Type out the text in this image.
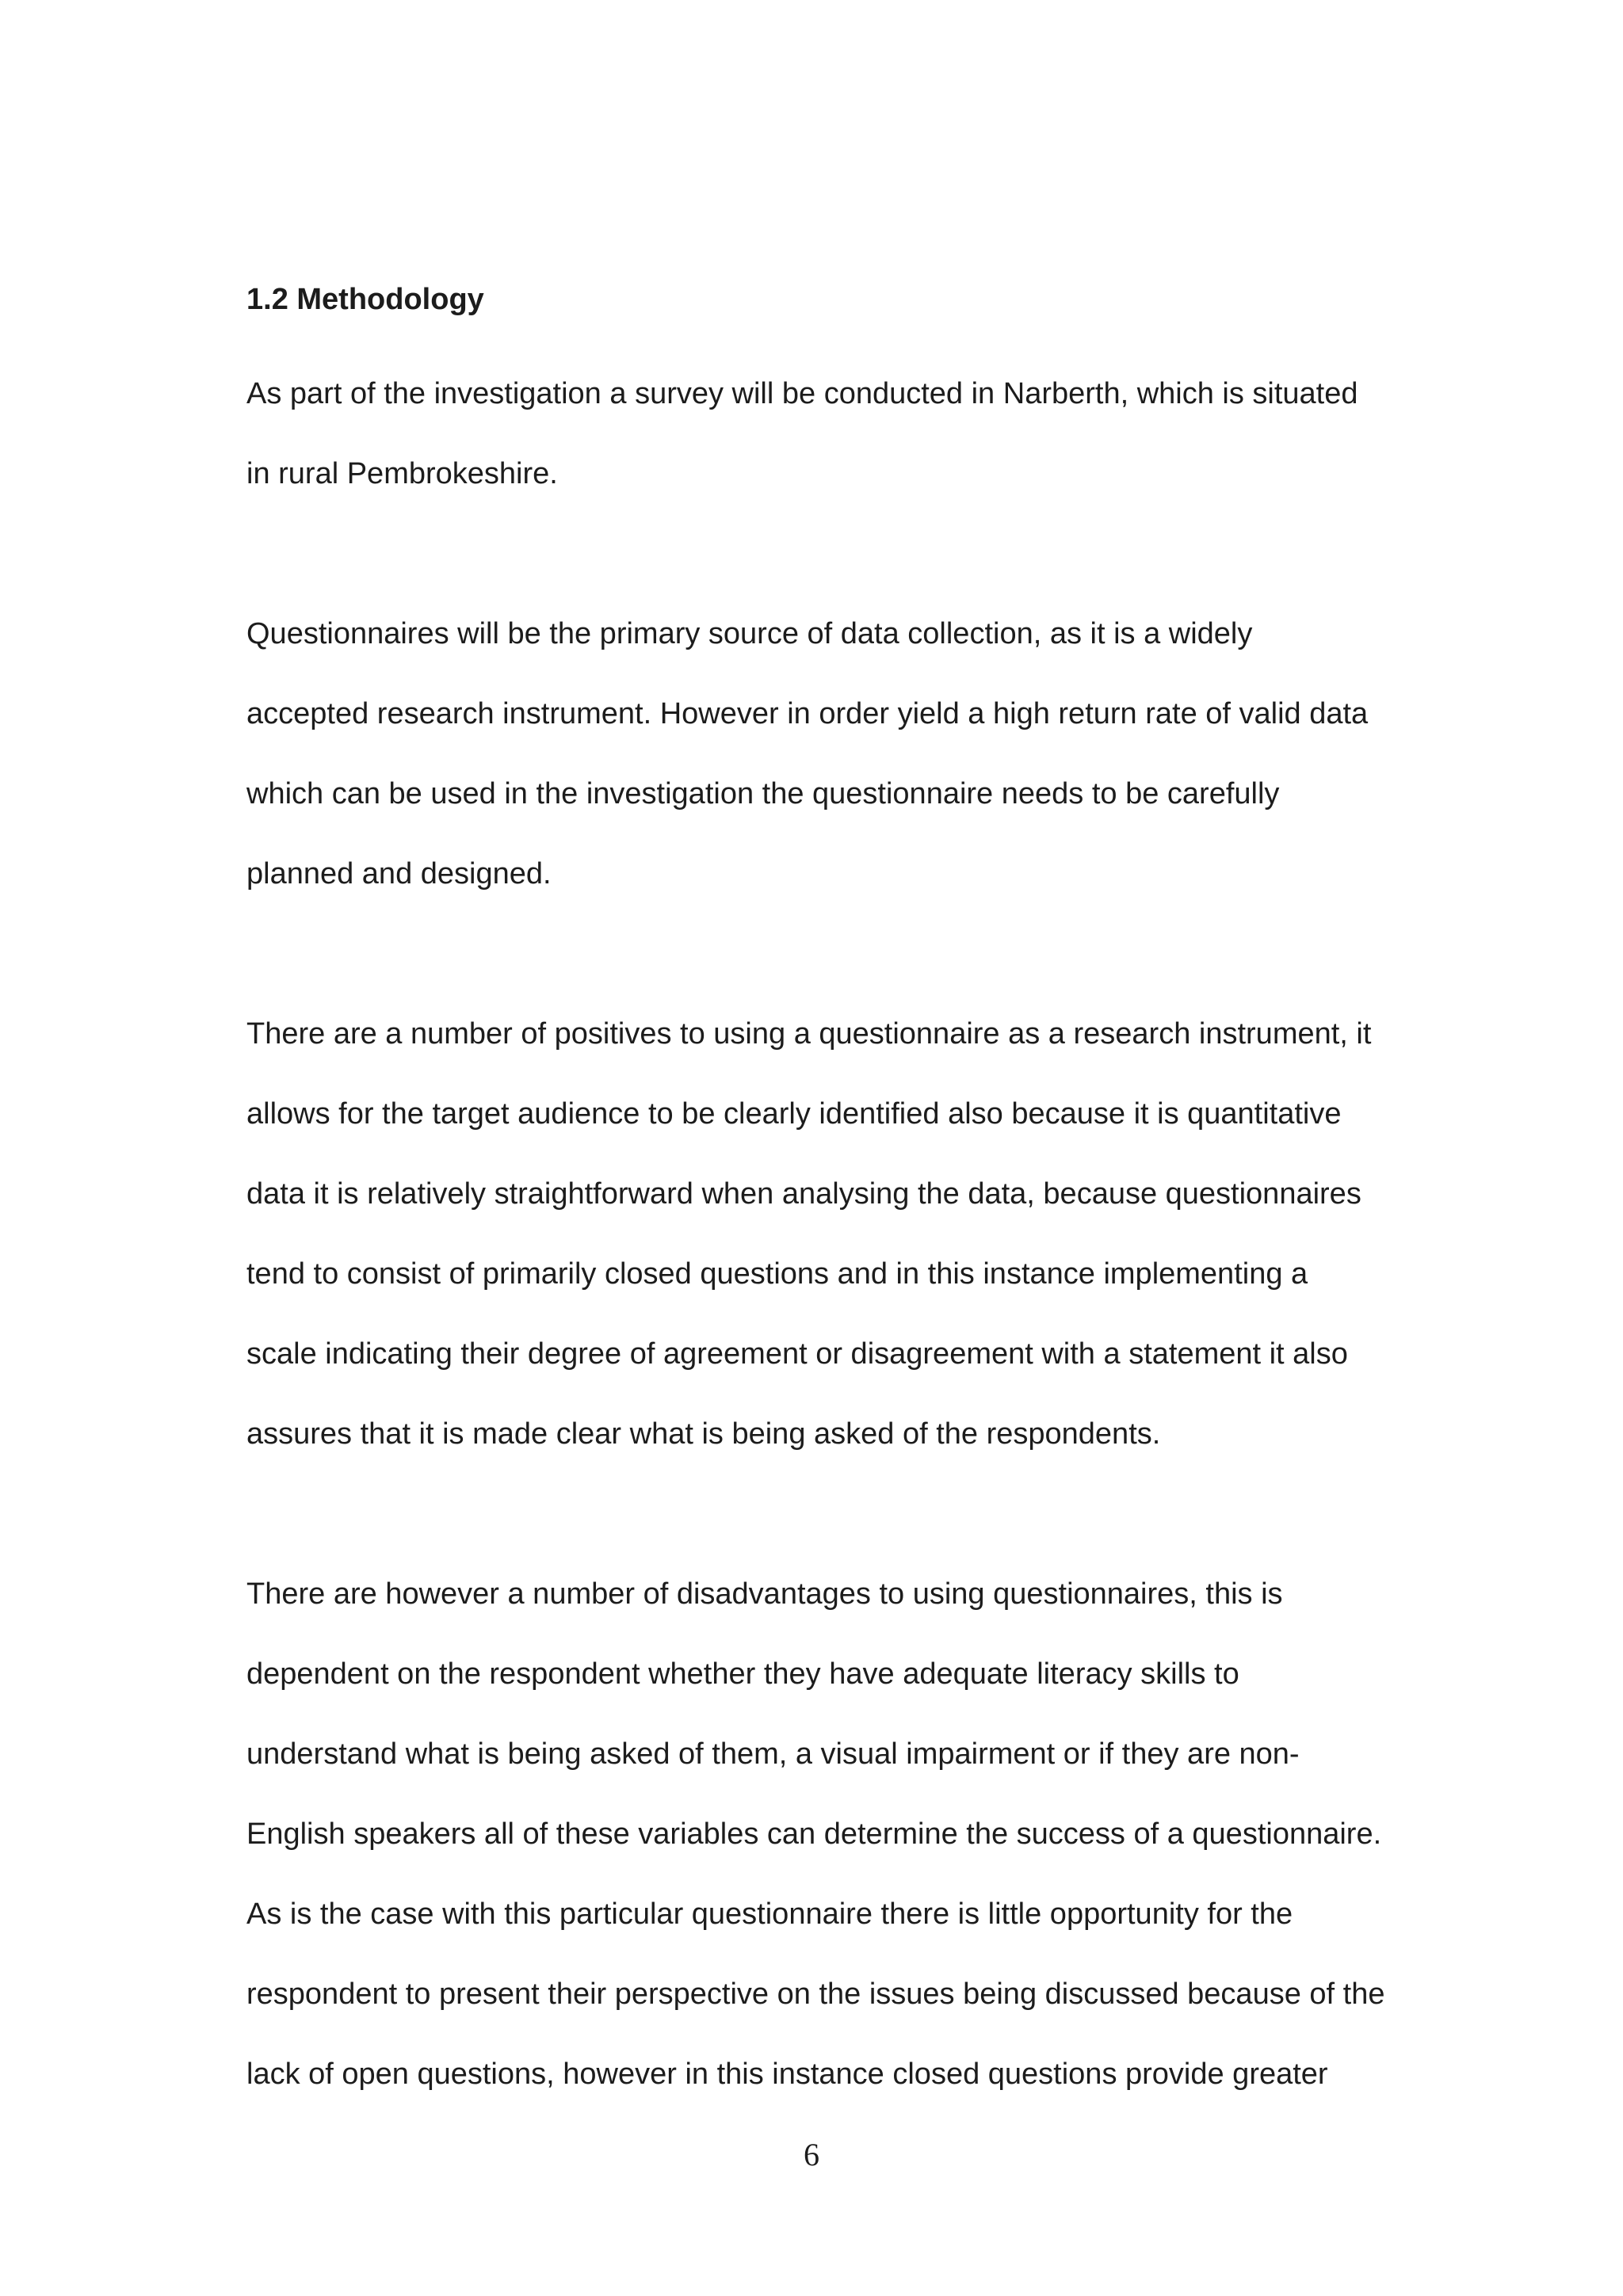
1.2 Methodology
As part of the investigation a survey will be conducted in Narberth, which is situated
in rural Pembrokeshire.
Questionnaires will be the primary source of data collection, as it is a widely
accepted research instrument. However in order yield a high return rate of valid data
which can be used in the investigation the questionnaire needs to be carefully
planned and designed.
There are a number of positives to using a questionnaire as a research instrument, it
allows for the target audience to be clearly identified also because it is quantitative
data it is relatively straightforward when analysing the data, because questionnaires
tend to consist of primarily closed questions and in this instance implementing a
scale indicating their degree of agreement or disagreement with a statement it also
assures that it is made clear what is being asked of the respondents.
There are however a number of disadvantages to using questionnaires, this is
dependent on the respondent whether they have adequate literacy skills to
understand what is being asked of them, a visual impairment or if they are non-
English speakers all of these variables can determine the success of a questionnaire.
As is the case with this particular questionnaire there is little opportunity for the
respondent to present their perspective on the issues being discussed because of the
lack of open questions, however in this instance closed questions provide greater
6
